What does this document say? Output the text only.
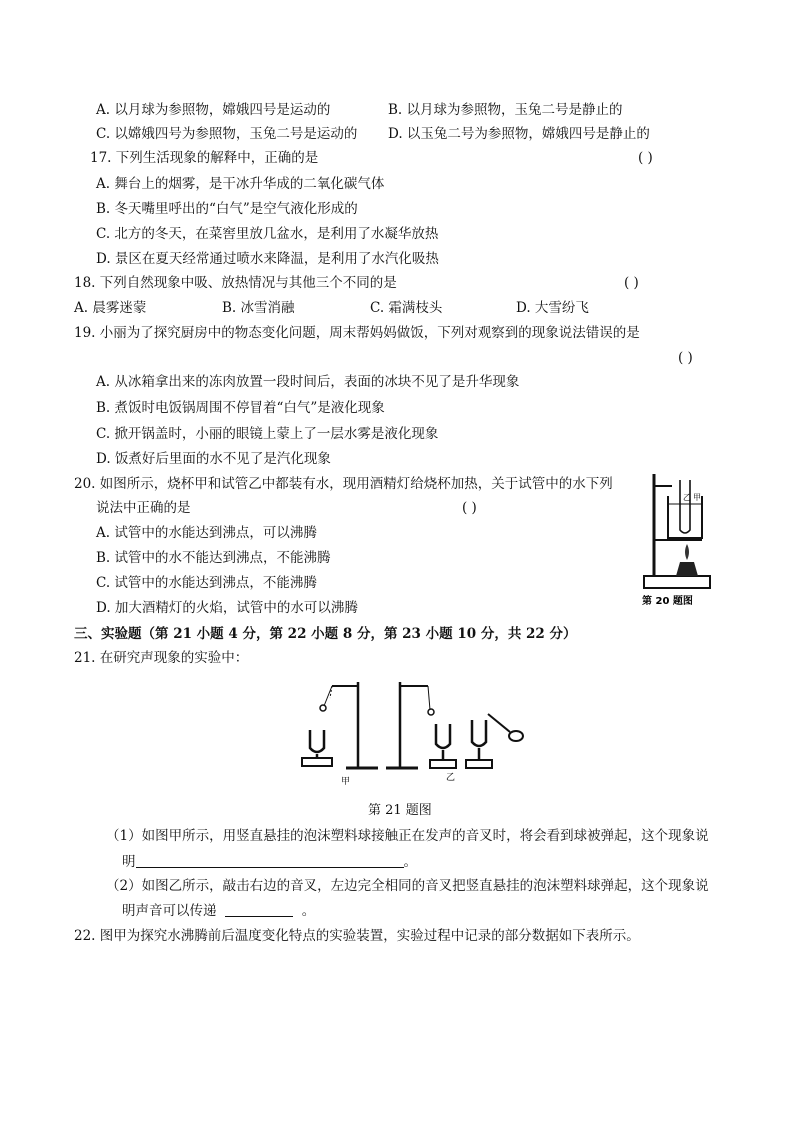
A. 以月球为参照物，嫦娥四号是运动的	B. 以月球为参照物，玉兔二号是静止的
C. 以嫦娥四号为参照物，玉兔二号是运动的 D. 以玉兔二号为参照物，嫦娥四号是静止的
17. 下列生活现象的解释中，正确的是	( )
A. 舞台上的烟雾，是干冰升华成的二氧化碳气体
B. 冬天嘴里呼出的“白气”是空气液化形成的
C. 北方的冬天，在菜窖里放几盆水，是利用了水凝华放热
D. 景区在夏天经常通过喷水来降温，是利用了水汽化吸热
18. 下列自然现象中吸、放热情况与其他三个不同的是	( )
A. 晨雾迷蒙	B. 冰雪消融	C. 霜满枝头	D. 大雪纷飞
19. 小丽为了探究厨房中的物态变化问题，周末帮妈妈做饭，下列对观察到的现象说法错误的是
( )
A. 从冰箱拿出来的冻肉放置一段时间后，表面的冰块不见了是升华现象
B. 煮饭时电饭锅周围不停冒着“白气”是液化现象
C. 掀开锅盖时，小丽的眼镜上蒙上了一层水雾是液化现象
D. 饭煮好后里面的水不见了是汽化现象
20. 如图所示，烧杯甲和试管乙中都装有水，现用酒精灯给烧杯加热，关于试管中的水下列
说法中正确的是	( )
A. 试管中的水能达到沸点，可以沸腾
B. 试管中的水不能达到沸点，不能沸腾
C. 试管中的水能达到沸点，不能沸腾
D. 加大酒精灯的火焰，试管中的水可以沸腾
乙 甲
第 20 题图
三、实验题（第 21 小题 4 分，第 22 小题 8 分，第 23 小题 10 分，共 22 分）
21. 在研究声现象的实验中：
甲	乙
第 21 题图
（1）如图甲所示，用竖直悬挂的泡沫塑料球接触正在发声的音叉时，将会看到球被弹起，这个现象说
明	。
（2）如图乙所示，敲击右边的音叉，左边完全相同的音叉把竖直悬挂的泡沫塑料球弹起，这个现象说
明声音可以传递	。
22. 图甲为探究水沸腾前后温度变化特点的实验装置，实验过程中记录的部分数据如下表所示。
